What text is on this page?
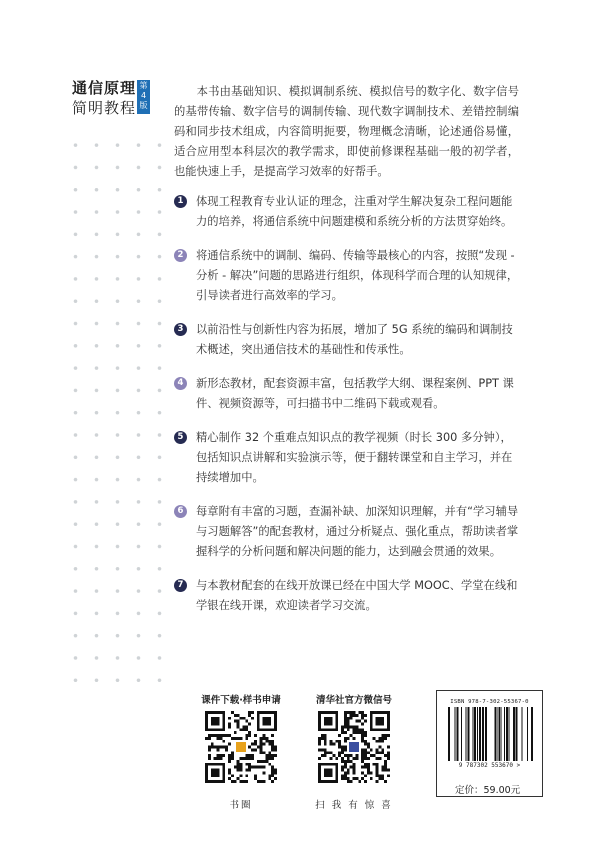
通信原理
简明教程
第4版
本书由基础知识、模拟调制系统、模拟信号的数字化、数字信号的基带传输、数字信号的调制传输、现代数字调制技术、差错控制编码和同步技术组成，内容简明扼要，物理概念清晰，论述通俗易懂，适合应用型本科层次的教学需求，即使前修课程基础一般的初学者，也能快速上手，是提高学习效率的好帮手。
1	体现工程教育专业认证的理念，注重对学生解决复杂工程问题能力的培养，将通信系统中问题建模和系统分析的方法贯穿始终。
2	将通信系统中的调制、编码、传输等最核心的内容，按照“发现 - 分析 - 解决”问题的思路进行组织，体现科学而合理的认知规律，引导读者进行高效率的学习。
3	以前沿性与创新性内容为拓展，增加了 5G 系统的编码和调制技术概述，突出通信技术的基础性和传承性。
4	新形态教材，配套资源丰富，包括教学大纲、课程案例、PPT 课件、视频资源等，可扫描书中二维码下载或观看。
5	精心制作 32 个重难点知识点的教学视频（时长 300 多分钟），包括知识点讲解和实验演示等，便于翻转课堂和自主学习，并在持续增加中。
6	每章附有丰富的习题，查漏补缺、加深知识理解，并有“学习辅导与习题解答”的配套教材，通过分析疑点、强化重点，帮助读者掌握科学的分析问题和解决问题的能力，达到融会贯通的效果。
7	与本教材配套的在线开放课已经在中国大学 MOOC、学堂在线和学银在线开课，欢迎读者学习交流。
课件下载·样书申请
书圈
清华社官方微信号
扫 我 有 惊 喜
ISBN 978-7-302-55367-0
9 787302 553670 >
定价：59.00元
